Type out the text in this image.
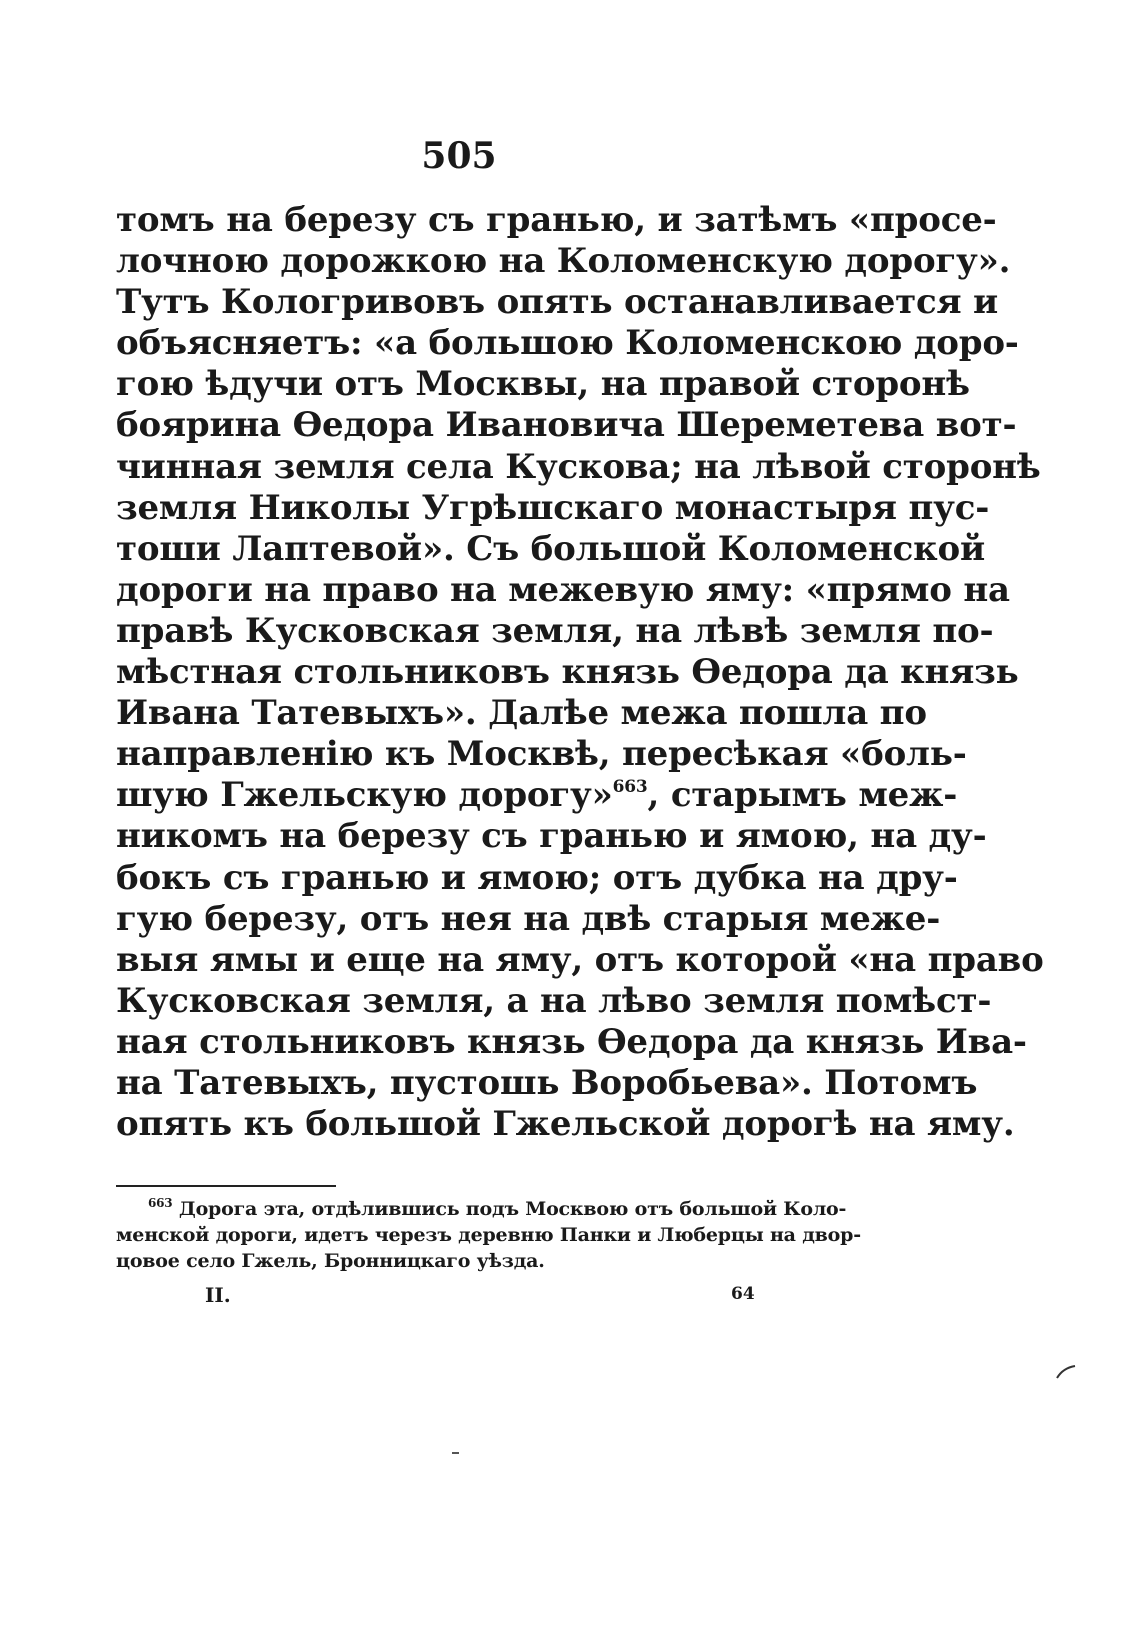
505
томъ на березу съ гранью, и затѣмъ «просе-
лочною дорожкою на Коломенскую дорогу».
Тутъ Кологривовъ опять останавливается и
объясняетъ: «а большою Коломенскою доро-
гою ѣдучи отъ Москвы, на правой сторонѣ
боярина Ѳедора Ивановича Шереметева вот-
чинная земля села Кускова; на лѣвой сторонѣ
земля Николы Угрѣшскаго монастыря пус-
тоши Лаптевой». Съ большой Коломенской
дороги на право на межевую яму: «прямо на
правѣ Кусковская земля, на лѣвѣ земля по-
мѣстная стольниковъ князь Ѳедора да князь
Ивана Татевыхъ». Далѣе межа пошла по
направленію къ Москвѣ, пересѣкая «боль-
шую Гжельскую дорогу»$^{663}$, старымъ меж-
никомъ на березу съ гранью и ямою, на ду-
бокъ съ гранью и ямою; отъ дубка на дру-
гую березу, отъ нея на двѣ старыя меже-
выя ямы и еще на яму, отъ которой «на право
Кусковская земля, а на лѣво земля помѣст-
ная стольниковъ князь Ѳедора да князь Ива-
на Татевыхъ, пустошь Воробьева». Потомъ
опять къ большой Гжельской дорогѣ на яму.
$^{663}$ Дорога эта, отдѣлившись подъ Москвою отъ большой Коло-
менской дороги, идетъ черезъ деревню Панки и Люберцы на двор-
цовое село Гжель, Бронницкаго уѣзда.
II.	64
